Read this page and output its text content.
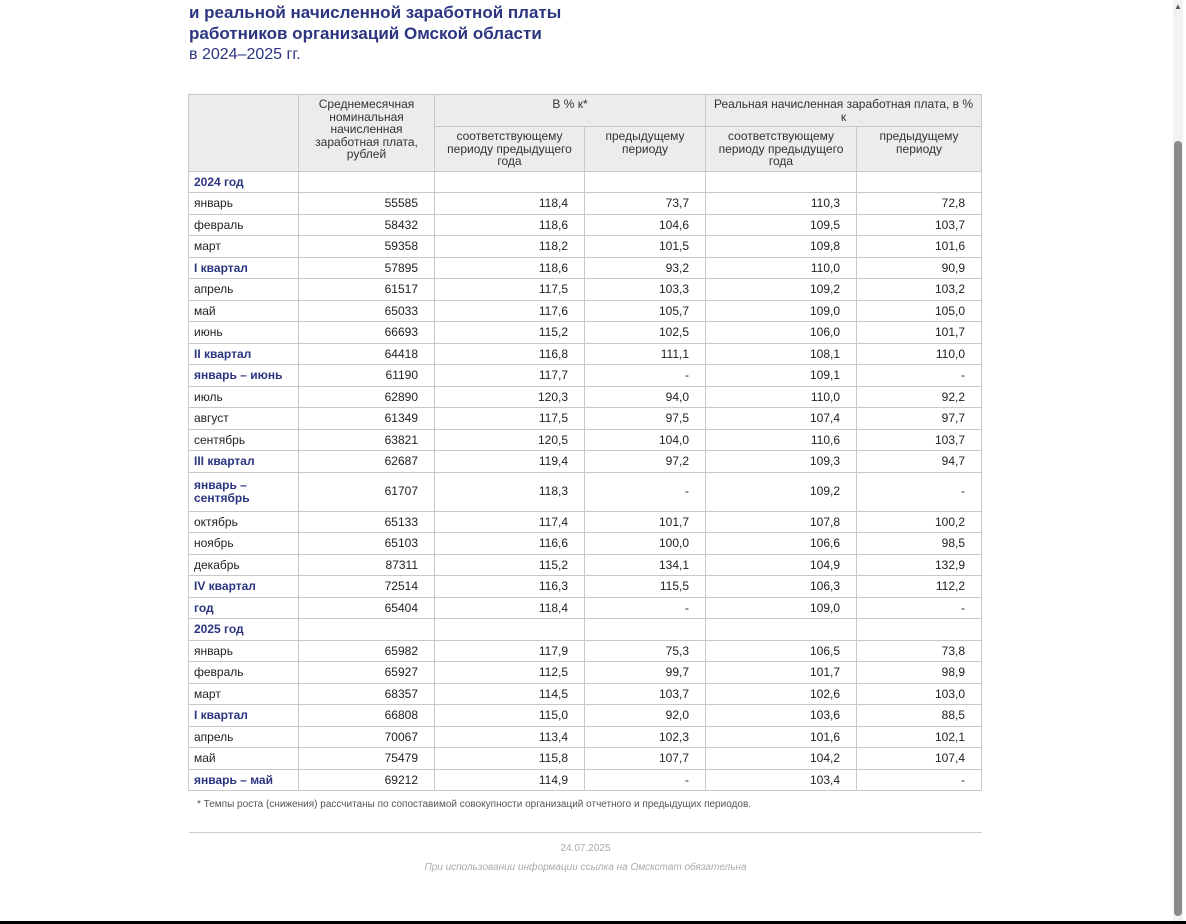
и реальной начисленной заработной платы
работников организаций Омской области
в 2024–2025 гг.
	Среднемесячная номинальная начисленная заработная плата, рублей	В % к*		Реальная начисленная заработная плата, в % к	
		соответствующему периоду предыдущего года	предыдущему периоду	соответствующему периоду предыдущего года	предыдущему периоду
2024 год					
январь	55585	118,4	73,7	110,3	72,8
февраль	58432	118,6	104,6	109,5	103,7
март	59358	118,2	101,5	109,8	101,6
I квартал	57895	118,6	93,2	110,0	90,9
апрель	61517	117,5	103,3	109,2	103,2
май	65033	117,6	105,7	109,0	105,0
июнь	66693	115,2	102,5	106,0	101,7
II квартал	64418	116,8	111,1	108,1	110,0
январь – июнь	61190	117,7	-	109,1	-
июль	62890	120,3	94,0	110,0	92,2
август	61349	117,5	97,5	107,4	97,7
сентябрь	63821	120,5	104,0	110,6	103,7
III квартал	62687	119,4	97,2	109,3	94,7
январь – сентябрь	61707	118,3	-	109,2	-
октябрь	65133	117,4	101,7	107,8	100,2
ноябрь	65103	116,6	100,0	106,6	98,5
декабрь	87311	115,2	134,1	104,9	132,9
IV квартал	72514	116,3	115,5	106,3	112,2
год	65404	118,4	-	109,0	-
2025 год					
январь	65982	117,9	75,3	106,5	73,8
февраль	65927	112,5	99,7	101,7	98,9
март	68357	114,5	103,7	102,6	103,0
I квартал	66808	115,0	92,0	103,6	88,5
апрель	70067	113,4	102,3	101,6	102,1
май	75479	115,8	107,7	104,2	107,4
январь – май	69212	114,9	-	103,4	-
* Темпы роста (снижения) рассчитаны по сопоставимой совокупности организаций отчетного и предыдущих периодов.
24.07.2025
При использовании информации ссылка на Омскстат обязательна
▲
